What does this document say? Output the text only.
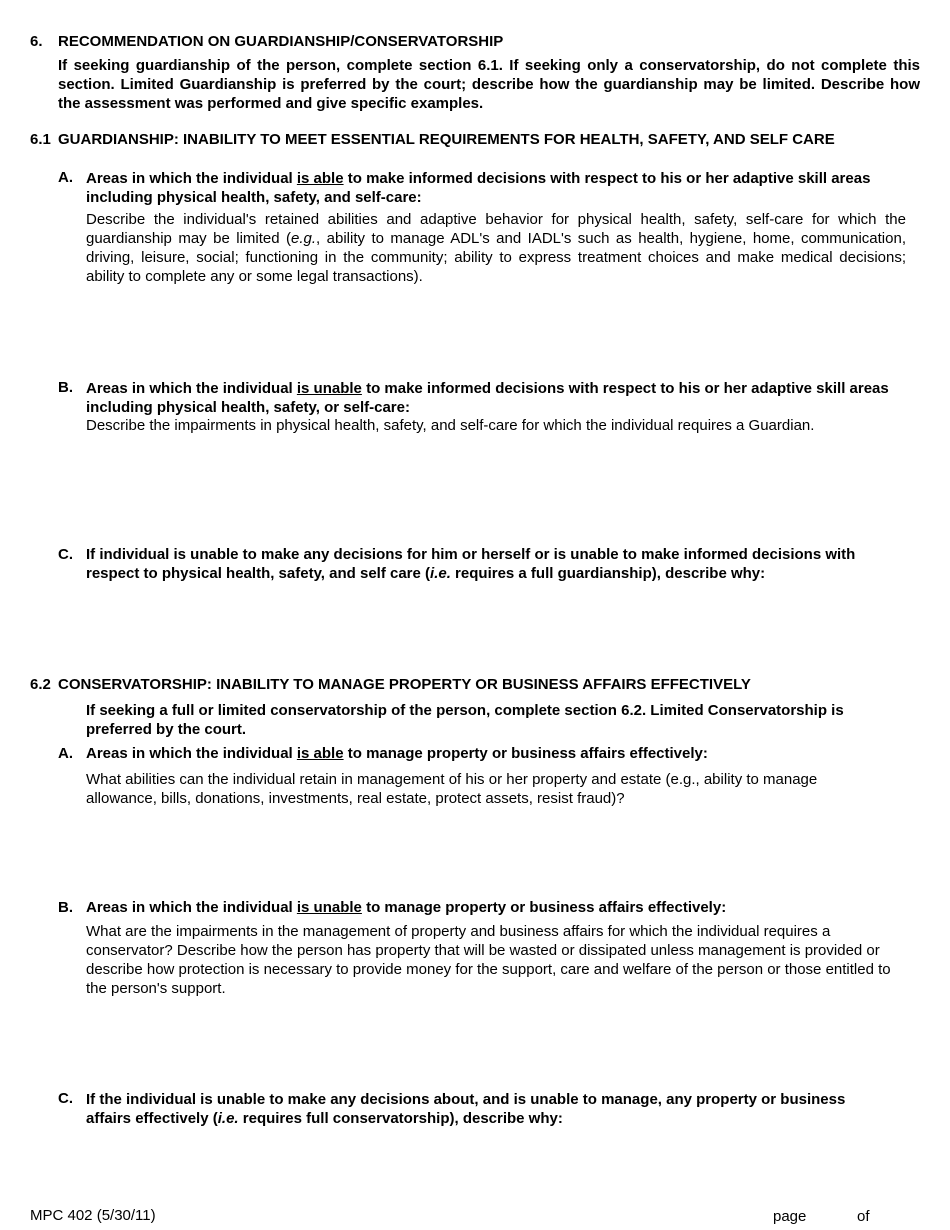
6. RECOMMENDATION ON GUARDIANSHIP/CONSERVATORSHIP
If seeking guardianship of the person, complete section 6.1. If seeking only a conservatorship, do not complete this section. Limited Guardianship is preferred by the court; describe how the guardianship may be limited. Describe how the assessment was performed and give specific examples.
6.1 GUARDIANSHIP: INABILITY TO MEET ESSENTIAL REQUIREMENTS FOR HEALTH, SAFETY, AND SELF CARE
A. Areas in which the individual is able to make informed decisions with respect to his or her adaptive skill areas including physical health, safety, and self-care:
Describe the individual's retained abilities and adaptive behavior for physical health, safety, self-care for which the guardianship may be limited (e.g., ability to manage ADL's and IADL's such as health, hygiene, home, communication, driving, leisure, social; functioning in the community; ability to express treatment choices and make medical decisions; ability to complete any or some legal transactions).
B. Areas in which the individual is unable to make informed decisions with respect to his or her adaptive skill areas including physical health, safety, or self-care:
Describe the impairments in physical health, safety, and self-care for which the individual requires a Guardian.
C. If individual is unable to make any decisions for him or herself or is unable to make informed decisions with respect to physical health, safety, and self care (i.e. requires a full guardianship), describe why:
6.2 CONSERVATORSHIP: INABILITY TO MANAGE PROPERTY OR BUSINESS AFFAIRS EFFECTIVELY
If seeking a full or limited conservatorship of the person, complete section 6.2. Limited Conservatorship is preferred by the court.
A. Areas in which the individual is able to manage property or business affairs effectively:
What abilities can the individual retain in management of his or her property and estate (e.g., ability to manage allowance, bills, donations, investments, real estate, protect assets, resist fraud)?
B. Areas in which the individual is unable to manage property or business affairs effectively:
What are the impairments in the management of property and business affairs for which the individual requires a conservator? Describe how the person has property that will be wasted or dissipated unless management is provided or describe how protection is necessary to provide money for the support, care and welfare of the person or those entitled to the person's support.
C. If the individual is unable to make any decisions about, and is unable to manage, any property or business affairs effectively (i.e. requires full conservatorship), describe why:
MPC 402 (5/30/11)	page	of
